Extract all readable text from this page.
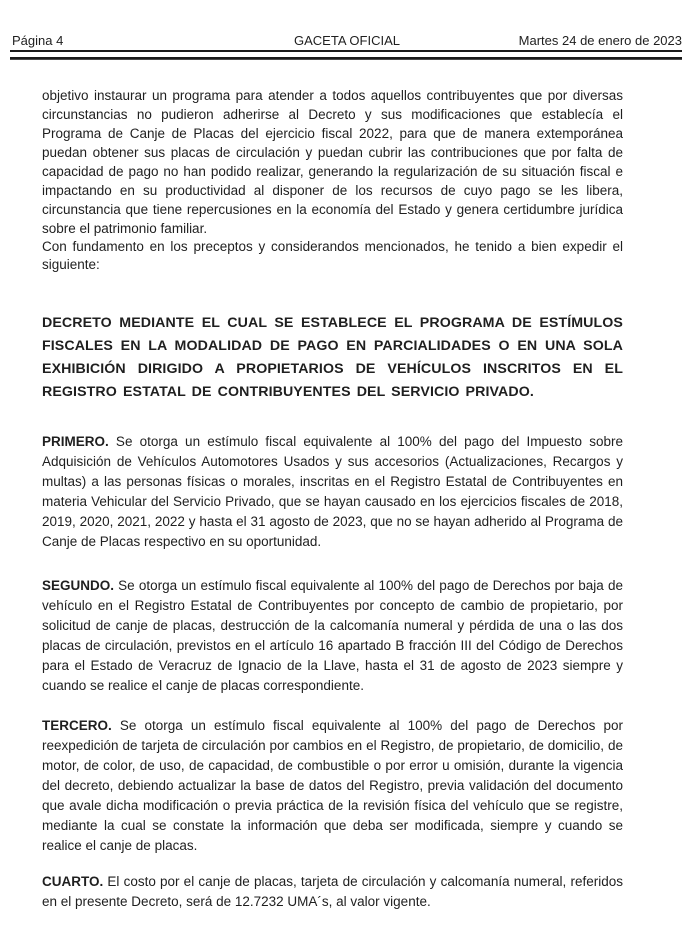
Página 4	GACETA OFICIAL	Martes 24 de enero de 2023

objetivo instaurar un programa para atender a todos aquellos contribuyentes que por diversas circunstancias no pudieron adherirse al Decreto y sus modificaciones que establecía el Programa de Canje de Placas del ejercicio fiscal 2022, para que de manera extemporánea puedan obtener sus placas de circulación y puedan cubrir las contribuciones que por falta de capacidad de pago no han podido realizar, generando la regularización de su situación fiscal e impactando en su productividad al disponer de los recursos de cuyo pago se les libera, circunstancia que tiene repercusiones en la economía del Estado y genera certidumbre jurídica sobre el patrimonio familiar.

Con fundamento en los preceptos y considerandos mencionados, he tenido a bien expedir el siguiente:

DECRETO MEDIANTE EL CUAL SE ESTABLECE EL PROGRAMA DE ESTÍMULOS FISCALES EN LA MODALIDAD DE PAGO EN PARCIALIDADES O EN UNA SOLA EXHIBICIÓN DIRIGIDO A PROPIETARIOS DE VEHÍCULOS INSCRITOS EN EL REGISTRO ESTATAL DE CONTRIBUYENTES DEL SERVICIO PRIVADO.

PRIMERO. Se otorga un estímulo fiscal equivalente al 100% del pago del Impuesto sobre Adquisición de Vehículos Automotores Usados y sus accesorios (Actualizaciones, Recargos y multas) a las personas físicas o morales, inscritas en el Registro Estatal de Contribuyentes en materia Vehicular del Servicio Privado, que se hayan causado en los ejercicios fiscales de 2018, 2019, 2020, 2021, 2022 y hasta el 31 agosto de 2023, que no se hayan adherido al Programa de Canje de Placas respectivo en su oportunidad.

SEGUNDO. Se otorga un estímulo fiscal equivalente al 100% del pago de Derechos por baja de vehículo en el Registro Estatal de Contribuyentes por concepto de cambio de propietario, por solicitud de canje de placas, destrucción de la calcomanía numeral y pérdida de una o las dos placas de circulación, previstos en el artículo 16 apartado B fracción III del Código de Derechos para el Estado de Veracruz de Ignacio de la Llave, hasta el 31 de agosto de 2023 siempre y cuando se realice el canje de placas correspondiente.

TERCERO. Se otorga un estímulo fiscal equivalente al 100% del pago de Derechos por reexpedición de tarjeta de circulación por cambios en el Registro, de propietario, de domicilio, de motor, de color, de uso, de capacidad, de combustible o por error u omisión, durante la vigencia del decreto, debiendo actualizar la base de datos del Registro, previa validación del documento que avale dicha modificación o previa práctica de la revisión física del vehículo que se registre, mediante la cual se constate la información que deba ser modificada, siempre y cuando se realice el canje de placas.

CUARTO. El costo por el canje de placas, tarjeta de circulación y calcomanía numeral, referidos en el presente Decreto, será de 12.7232 UMA´s, al valor vigente.
